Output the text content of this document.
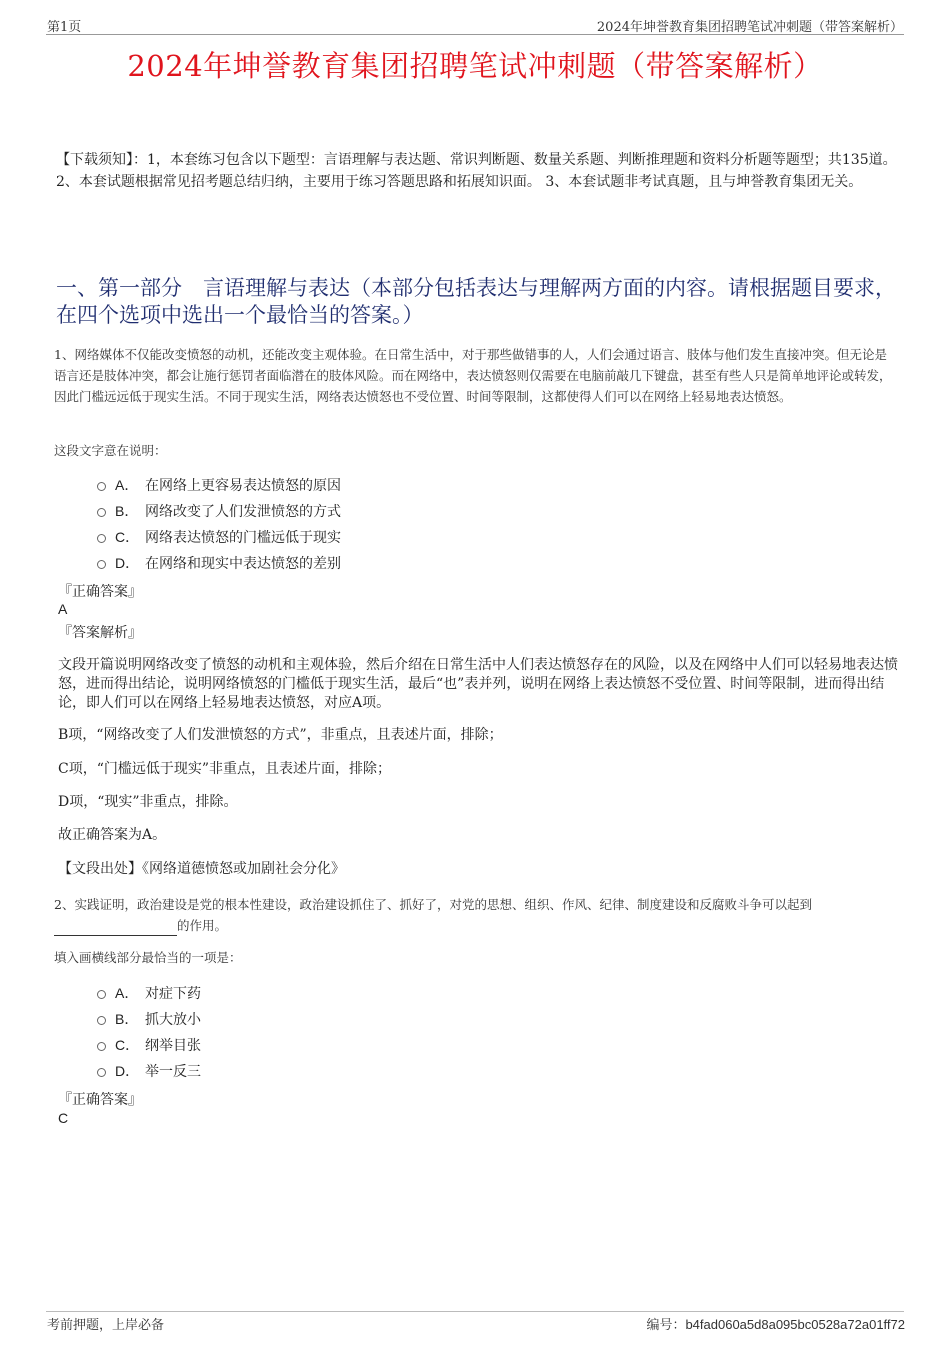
第1页	2024年坤誉教育集团招聘笔试冲刺题（带答案解析）
2024年坤誉教育集团招聘笔试冲刺题（带答案解析）
【下载须知】：1，本套练习包含以下题型：言语理解与表达题、常识判断题、数量关系题、判断推理题和资料分析题等题型；共135道。 2、本套试题根据常见招考题总结归纳，主要用于练习答题思路和拓展知识面。 3、本套试题非考试真题，且与坤誉教育集团无关。
一、第一部分　言语理解与表达（本部分包括表达与理解两方面的内容。请根据题目要求，在四个选项中选出一个最恰当的答案。）
1、网络媒体不仅能改变愤怒的动机，还能改变主观体验。在日常生活中，对于那些做错事的人，人们会通过语言、肢体与他们发生直接冲突。但无论是语言还是肢体冲突，都会让施行惩罚者面临潜在的肢体风险。而在网络中，表达愤怒则仅需要在电脑前敲几下键盘，甚至有些人只是简单地评论或转发，因此门槛远远低于现实生活。不同于现实生活，网络表达愤怒也不受位置、时间等限制，这都使得人们可以在网络上轻易地表达愤怒。
这段文字意在说明：
A． 在网络上更容易表达愤怒的原因
B． 网络改变了人们发泄愤怒的方式
C． 网络表达愤怒的门槛远低于现实
D． 在网络和现实中表达愤怒的差别
『正确答案』
A
『答案解析』
文段开篇说明网络改变了愤怒的动机和主观体验，然后介绍在日常生活中人们表达愤怒存在的风险，以及在网络中人们可以轻易地表达愤怒，进而得出结论，说明网络愤怒的门槛低于现实生活，最后“也”表并列，说明在网络上表达愤怒不受位置、时间等限制，进而得出结论，即人们可以在网络上轻易地表达愤怒，对应A项。
B项，“网络改变了人们发泄愤怒的方式”，非重点，且表述片面，排除；
C项，“门槛远低于现实”非重点，且表述片面，排除；
D项，“现实”非重点，排除。
故正确答案为A。
【文段出处】《网络道德愤怒或加剧社会分化》
2、实践证明，政治建设是党的根本性建设，政治建设抓住了、抓好了，对党的思想、组织、作风、纪律、制度建设和反腐败斗争可以起到
的作用。
填入画横线部分最恰当的一项是：
A． 对症下药
B． 抓大放小
C． 纲举目张
D． 举一反三
『正确答案』
C
考前押题，上岸必备	编号：b4fad060a5d8a095bc0528a72a01ff72
